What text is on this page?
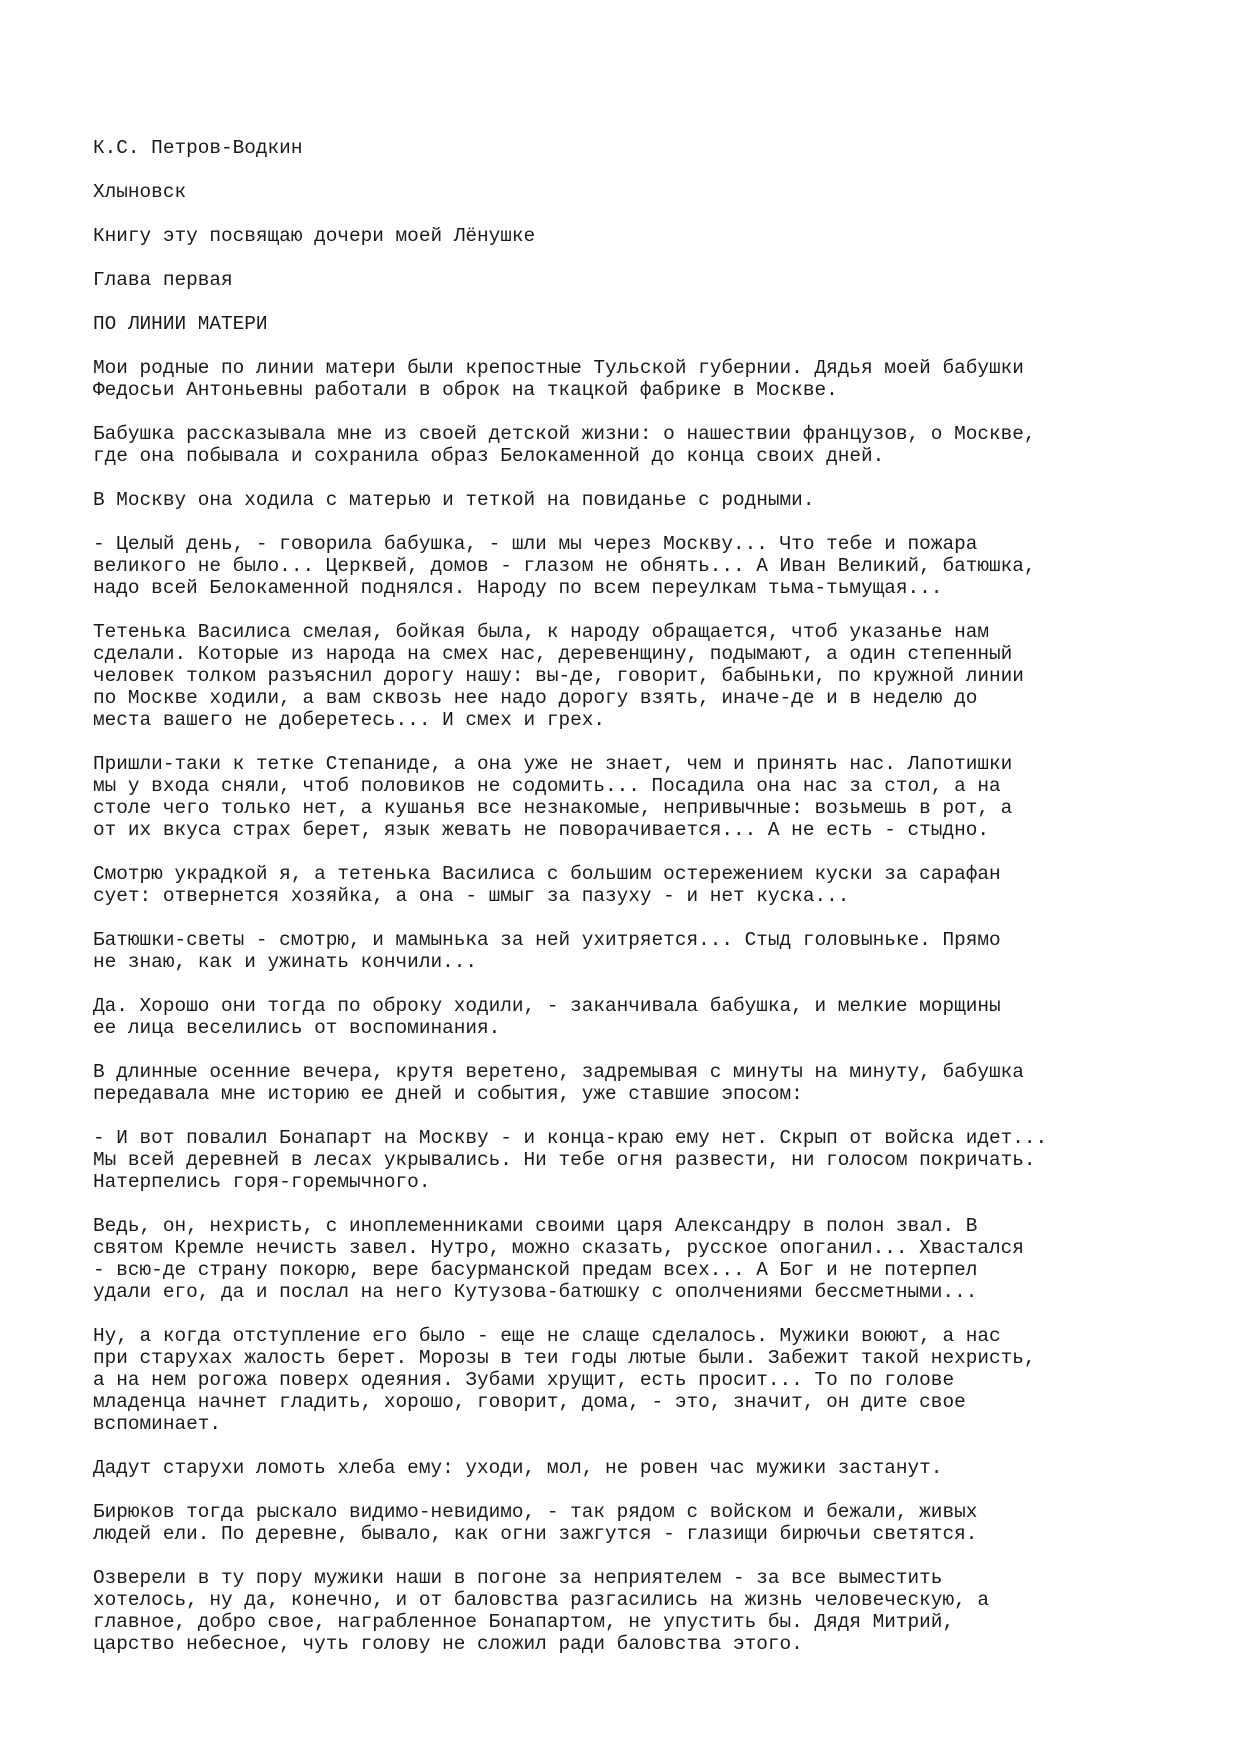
К.С. Петров-Водкин
Хлыновск
Книгу эту посвящаю дочери моей Лёнушке
Глава первая
ПО ЛИНИИ МАТЕРИ
Мои родные по линии матери были крепостные Тульской губернии. Дядья моей бабушки
Федосьи Антоньевны работали в оброк на ткацкой фабрике в Москве.
Бабушка рассказывала мне из своей детской жизни: о нашествии французов, о Москве,
где она побывала и сохранила образ Белокаменной до конца своих дней.
В Москву она ходила с матерью и теткой на повиданье с родными.
- Целый день, - говорила бабушка, - шли мы через Москву... Что тебе и пожара
великого не было... Церквей, домов - глазом не обнять... А Иван Великий, батюшка,
надо всей Белокаменной поднялся. Народу по всем переулкам тьма-тьмущая...
Тетенька Василиса смелая, бойкая была, к народу обращается, чтоб указанье нам
сделали. Которые из народа на смех нас, деревенщину, подымают, а один степенный
человек толком разъяснил дорогу нашу: вы-де, говорит, бабыньки, по кружной линии
по Москве ходили, а вам сквозь нее надо дорогу взять, иначе-де и в неделю до
места вашего не доберетесь... И смех и грех.
Пришли-таки к тетке Степаниде, а она уже не знает, чем и принять нас. Лапотишки
мы у входа сняли, чтоб половиков не содомить... Посадила она нас за стол, а на
столе чего только нет, а кушанья все незнакомые, непривычные: возьмешь в рот, а
от их вкуса страх берет, язык жевать не поворачивается... А не есть - стыдно.
Смотрю украдкой я, а тетенька Василиса с большим остережением куски за сарафан
сует: отвернется хозяйка, а она - шмыг за пазуху - и нет куска...
Батюшки-светы - смотрю, и мамынька за ней ухитряется... Стыд головыньке. Прямо
не знаю, как и ужинать кончили...
Да. Хорошо они тогда по оброку ходили, - заканчивала бабушка, и мелкие морщины
ее лица веселились от воспоминания.
В длинные осенние вечера, крутя веретено, задремывая с минуты на минуту, бабушка
передавала мне историю ее дней и события, уже ставшие эпосом:
- И вот повалил Бонапарт на Москву - и конца-краю ему нет. Скрып от войска идет...
Мы всей деревней в лесах укрывались. Ни тебе огня развести, ни голосом покричать.
Натерпелись горя-горемычного.
Ведь, он, нехристь, с иноплеменниками своими царя Александру в полон звал. В
святом Кремле нечисть завел. Нутро, можно сказать, русское опоганил... Хвастался
- всю-де страну покорю, вере басурманской предам всех... А Бог и не потерпел
удали его, да и послал на него Кутузова-батюшку с ополчениями бессметными...
Ну, а когда отступление его было - еще не слаще сделалось. Мужики воюют, а нас
при старухах жалость берет. Морозы в теи годы лютые были. Забежит такой нехристь,
а на нем рогожа поверх одеяния. Зубами хрущит, есть просит... То по голове
младенца начнет гладить, хорошо, говорит, дома, - это, значит, он дите свое
вспоминает.
Дадут старухи ломоть хлеба ему: уходи, мол, не ровен час мужики застанут.
Бирюков тогда рыскало видимо-невидимо, - так рядом с войском и бежали, живых
людей ели. По деревне, бывало, как огни зажгутся - глазищи бирючьи светятся.
Озверели в ту пору мужики наши в погоне за неприятелем - за все выместить
хотелось, ну да, конечно, и от баловства разгасились на жизнь человеческую, а
главное, добро свое, награбленное Бонапартом, не упустить бы. Дядя Митрий,
царство небесное, чуть голову не сложил ради баловства этого.
